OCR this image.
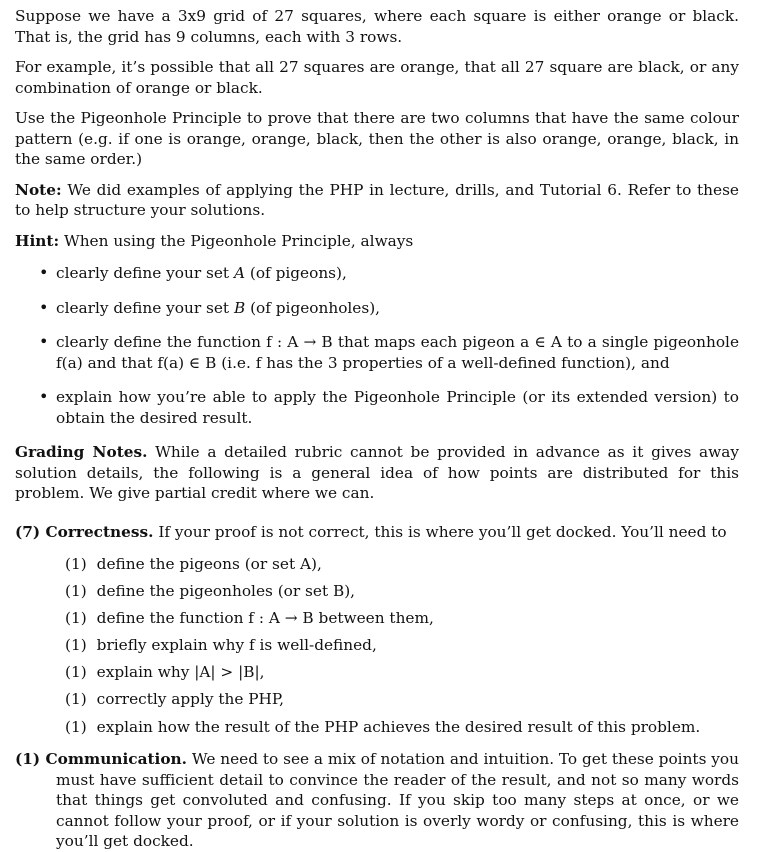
Suppose we have a 3x9 grid of 27 squares, where each square is either orange or black. That is, the grid has 9 columns, each with 3 rows.

For example, it’s possible that all 27 squares are orange, that all 27 square are black, or any combination of orange or black.

Use the Pigeonhole Principle to prove that there are two columns that have the same colour pattern (e.g. if one is orange, orange, black, then the other is also orange, orange, black, in the same order.)

Note: We did examples of applying the PHP in lecture, drills, and Tutorial 6. Refer to these to help structure your solutions.

Hint: When using the Pigeonhole Principle, always

• clearly define your set A (of pigeons),
• clearly define your set B (of pigeonholes),
• clearly define the function f : A → B that maps each pigeon a ∈ A to a single pigeonhole f(a) and that f(a) ∈ B (i.e. f has the 3 properties of a well-defined function), and
• explain how you’re able to apply the Pigeonhole Principle (or its extended version) to obtain the desired result.

Grading Notes. While a detailed rubric cannot be provided in advance as it gives away solution details, the following is a general idea of how points are distributed for this problem. We give partial credit where we can.

(7) Correctness. If your proof is not correct, this is where you’ll get docked. You’ll need to
(1) define the pigeons (or set A),
(1) define the pigeonholes (or set B),
(1) define the function f : A → B between them,
(1) briefly explain why f is well-defined,
(1) explain why |A| > |B|,
(1) correctly apply the PHP,
(1) explain how the result of the PHP achieves the desired result of this problem.

(1) Communication. We need to see a mix of notation and intuition. To get these points you must have sufficient detail to convince the reader of the result, and not so many words that things get convoluted and confusing. If you skip too many steps at once, or we cannot follow your proof, or if your solution is overly wordy or confusing, this is where you’ll get docked.
